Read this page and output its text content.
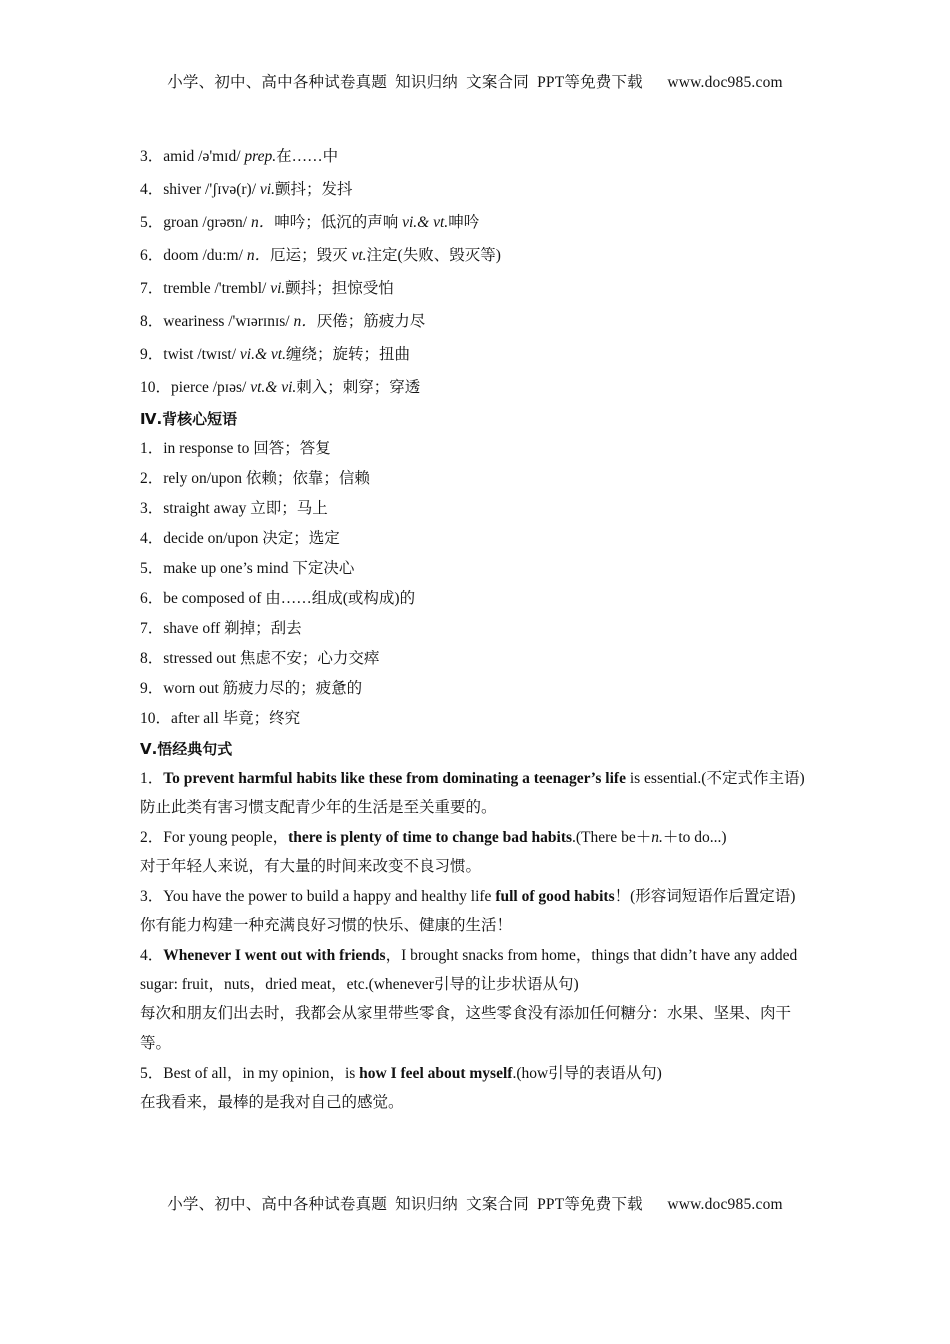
小学、初中、高中各种试卷真题  知识归纳  文案合同  PPT等免费下载      www.doc985.com
3．amid /ə'mɪd/ prep.在……中
4．shiver /'ʃɪvə(r)/ vi.颤抖；发抖
5．groan /ɡrəʊn/ n．呻吟；低沉的声响 vi.& vt.呻吟
6．doom /du:m/ n．厄运；毁灭 vt.注定(失败、毁灭等)
7．tremble /'trembl/ vi.颤抖；担惊受怕
8．weariness /'wɪərɪnɪs/ n．厌倦；筋疲力尽
9．twist /twɪst/ vi.& vt.缠绕；旋转；扭曲
10．pierce /pɪəs/ vt.& vi.刺入；刺穿；穿透
Ⅳ.背核心短语
1．in response to 回答；答复
2．rely on/upon 依赖；依靠；信赖
3．straight away 立即；马上
4．decide on/upon 决定；选定
5．make up one’s mind 下定决心
6．be composed of 由……组成(或构成)的
7．shave off 剃掉；刮去
8．stressed out 焦虑不安；心力交瘁
9．worn out 筋疲力尽的；疲惫的
10．after all 毕竟；终究
Ⅴ.悟经典句式

1．To prevent harmful habits like these from dominating a teenager’s life is essential.(不定式作主语)

防止此类有害习惯支配青少年的生活是至关重要的。

2．For young people，there is plenty of time to change bad habits.(There be＋n.＋to do...)

对于年轻人来说，有大量的时间来改变不良习惯。

3．You have the power to build a happy and healthy life full of good habits！(形容词短语作后置定语)

你有能力构建一种充满良好习惯的快乐、健康的生活！

4．Whenever I went out with friends，I brought snacks from home，things that didn’t have any added sugar: fruit，nuts，dried meat，etc.(whenever引导的让步状语从句)

每次和朋友们出去时，我都会从家里带些零食，这些零食没有添加任何糖分：水果、坚果、肉干等。

5．Best of all，in my opinion，is how I feel about myself.(how引导的表语从句)

在我看来，最棒的是我对自己的感觉。
小学、初中、高中各种试卷真题  知识归纳  文案合同  PPT等免费下载      www.doc985.com
